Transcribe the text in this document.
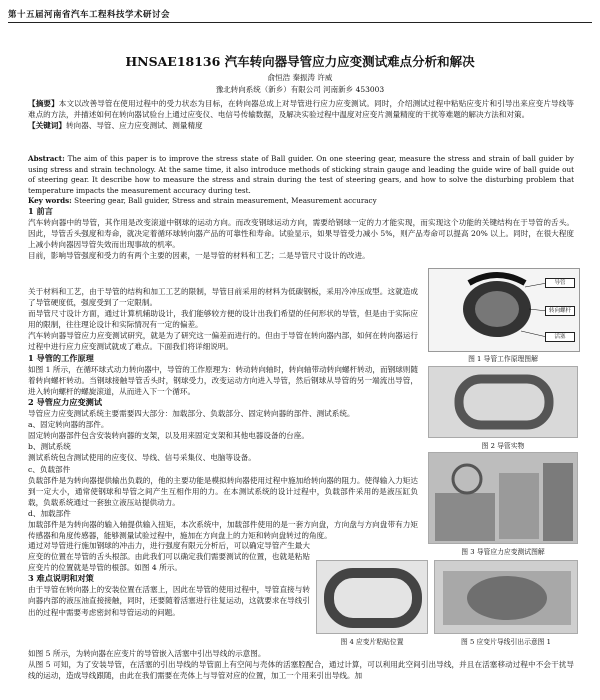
第十五届河南省汽车工程科技学术研讨会
HNSAE18136 汽车转向器导管应力应变测试难点分析和解决
俞恒浩 秦振涛 许威
豫北转向系统（新乡）有限公司 河南新乡 453003
【摘要】本文以改善导管在使用过程中的受力状态为目标，在转向器总成上对导管进行应力应变测试。同时，介绍测试过程中粘贴应变片和引导出来应变片导线等难点的方法，并描述如何在转向器试验台上通过应变仪、电信号传输数据，及解决实验过程中温度对应变片测量精度的干扰等难题的解决方法和对策。
【关键词】转向器、导管、应力应变测试、测量精度
Abstract: The aim of this paper is to improve the stress state of Ball guider. On one steering gear, measure the stress and strain of ball guider by using stress and strain technology. At the same time, it also introduce methods of sticking strain gauge and leading the guide wire of ball guide out of steering gear. It describe how to measure the stress and strain during the test of steering gears, and how to solve the disturbing problem that temperature impacts the measurement accuracy during test.
Key words: Steering gear, Ball guider, Stress and strain measurement, Measurement accuracy
1 前言
汽车转向器中的导管，其作用是改变滚道中钢球的运动方向。而改变钢球运动方向，需要给钢球一定的力才能实现，而实现这个功能的关键结构在于导管的舌头。因此，导管舌头强度和寿命，就决定着循环球转向器产品的可靠性和寿命。试验显示，如果导管受力减小 5%，则产品寿命可以提高 20% 以上。同时，在很大程度上减小转向器因导管失效而出现事故的机率。
目前，影响导管强度和受力的有两个主要的因素，一是导管的材料和工艺；二是导管尺寸设计的改进。
关于材料和工艺，由于导管的结构和加工工艺的限制，导管目前采用的材料为低碳钢板，采用冷冲压成型。这就造成了导管硬度低，强度受到了一定限制。
而导管尺寸设计方面，通过计算机辅助设计，我们能够较方便的设计出我们希望的任何形状的导管，但是由于实际应用的限制，往往理论设计和实际情况有一定的偏差。
汽车转向器导管应力应变测试研究，就是为了研究这一偏差而进行的。但由于导管在转向器内部，如何在转向器运行过程中进行应力应变测试就成了难点。下面我们将详细说明。
1 导管的工作原理
如图 1 所示，在循环球式动力转向器中，导管的工作原理为：转动转向轴时，转向轴带动转向螺杆转动，而钢球则随着转向螺杆转动。当钢球接触导管舌头时，钢球受力，改变运动方向进入导管，然后钢球从导管的另一端流出导管，进入转向螺杆的螺旋滚道，从而进入下一个循环。
2 导管应力应变测试
导管应力应变测试系统主要需要四大部分：加载部分、负载部分、固定转向器的部件、测试系统。
a、固定转向器的部件。
固定转向器部件包含安装转向器的支架，以及用来固定支架和其他电器设备的台座。
b、测试系统
测试系统包含测试使用的应变仪、导线、信号采集仪、电脑等设备。
c、负载部件
负载部件是为转向器提供输出负载的，他的主要功能是模拟转向器使用过程中施加给转向器的阻力。使得输入力矩达到一定大小，通常使钢球和导管之间产生互相作用的力。在本测试系统的设计过程中，负载部件采用的是液压缸负载，负载系统通过一套独立液压站提供动力。
d、加载部件
加载部件是为转向器的输入轴提供输入扭矩，本次系统中，加载部件使用的是一套方向盘，方向盘与方向盘带有力矩传感器和角度传感器，能够测量试验过程中，施加在方向盘上的力矩和转向盘转过的角度。
通过对导管进行施加钢球的冲击力，进行强度有限元分析后，可以确定导管产生最大应变的位置在导管的舌头根部。由此我们可以确定我们需要测试的位置，也就是粘贴应变片的位置就是导管的根部。如图 4 所示。
3 难点说明和对策
由于导管在转向器上的安装位置在活塞上，因此在导管的使用过程中，导管直接与转向器内部的液压油直接接触，同时，还要随着活塞进行往复运动，这就要求在导线引出的过程中需要考虑密封和导管运动的问题。
导管
转向螺杆
活塞
图 1 导管工作原理图解
图 2 导管实物
图 3 导管应力应变测试图解
图 4 应变片粘贴位置	图 5 应变片导线引出示意图 1
如图 5 所示，为转向器在应变片的导管嵌入活塞中引出导线的示意图。
从图 5 可知，为了安装导管，在活塞的引出导线的导管面上有空间与壳体的活塞腔配合，通过计算，可以利用此空间引出导线，并且在活塞移动过程中不会干扰导线的运动，造成导线跟随，由此在我们需要在壳体上与导管对应的位置，加工一个用来引出导线。加
